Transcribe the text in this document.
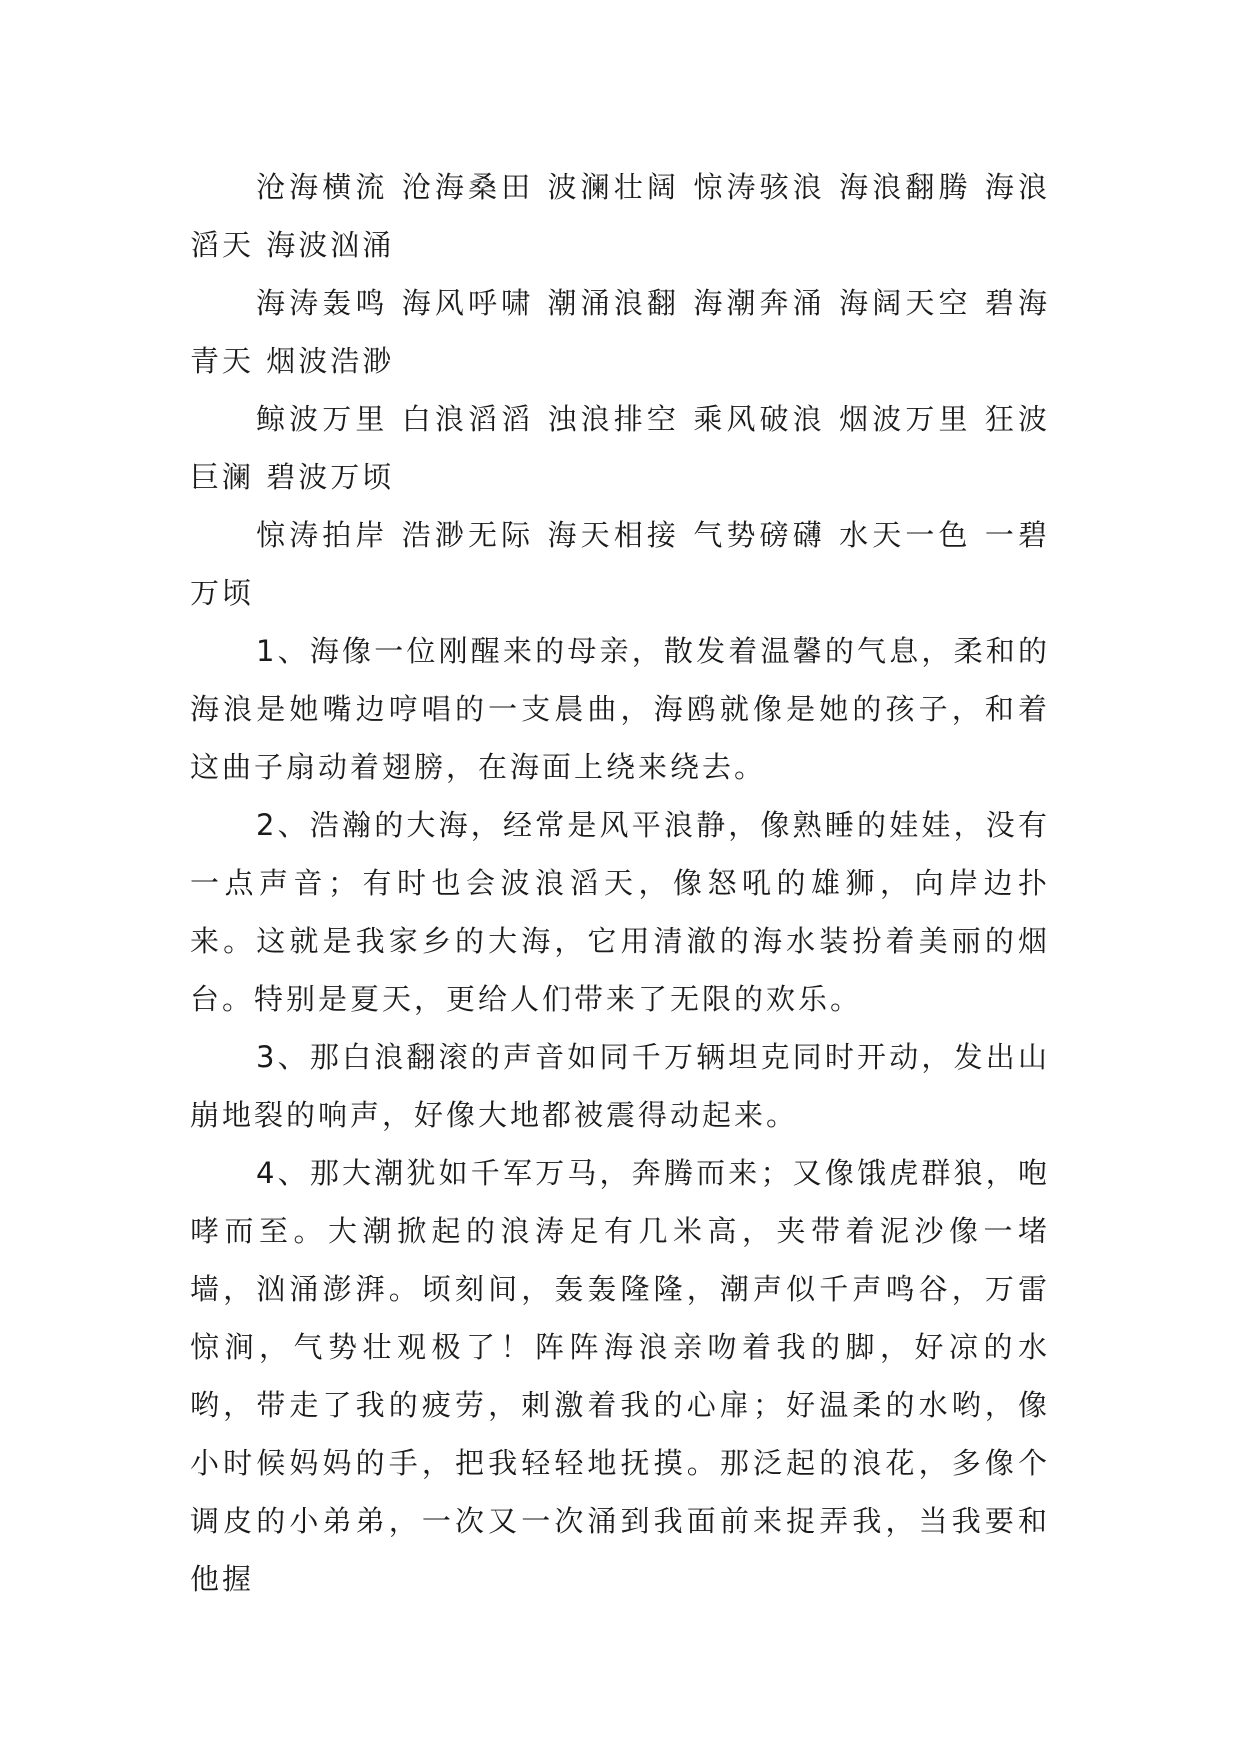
沧海横流 沧海桑田 波澜壮阔 惊涛骇浪 海浪翻腾 海浪滔天 海波汹涌

海涛轰鸣 海风呼啸 潮涌浪翻 海潮奔涌 海阔天空 碧海青天 烟波浩渺

鲸波万里 白浪滔滔 浊浪排空 乘风破浪 烟波万里 狂波巨澜 碧波万顷

惊涛拍岸 浩渺无际 海天相接 气势磅礴 水天一色 一碧万顷

1、海像一位刚醒来的母亲，散发着温馨的气息，柔和的海浪是她嘴边哼唱的一支晨曲，海鸥就像是她的孩子，和着这曲子扇动着翅膀，在海面上绕来绕去。

2、浩瀚的大海，经常是风平浪静，像熟睡的娃娃，没有一点声音；有时也会波浪滔天，像怒吼的雄狮，向岸边扑来。这就是我家乡的大海，它用清澈的海水装扮着美丽的烟台。特别是夏天，更给人们带来了无限的欢乐。

3、那白浪翻滚的声音如同千万辆坦克同时开动，发出山崩地裂的响声，好像大地都被震得动起来。

4、那大潮犹如千军万马，奔腾而来；又像饿虎群狼，咆哮而至。大潮掀起的浪涛足有几米高，夹带着泥沙像一堵墙，汹涌澎湃。顷刻间，轰轰隆隆，潮声似千声鸣谷，万雷惊涧，气势壮观极了！阵阵海浪亲吻着我的脚，好凉的水哟，带走了我的疲劳，刺激着我的心扉；好温柔的水哟，像小时候妈妈的手，把我轻轻地抚摸。那泛起的浪花，多像个调皮的小弟弟，一次又一次涌到我面前来捉弄我，当我要和他握
